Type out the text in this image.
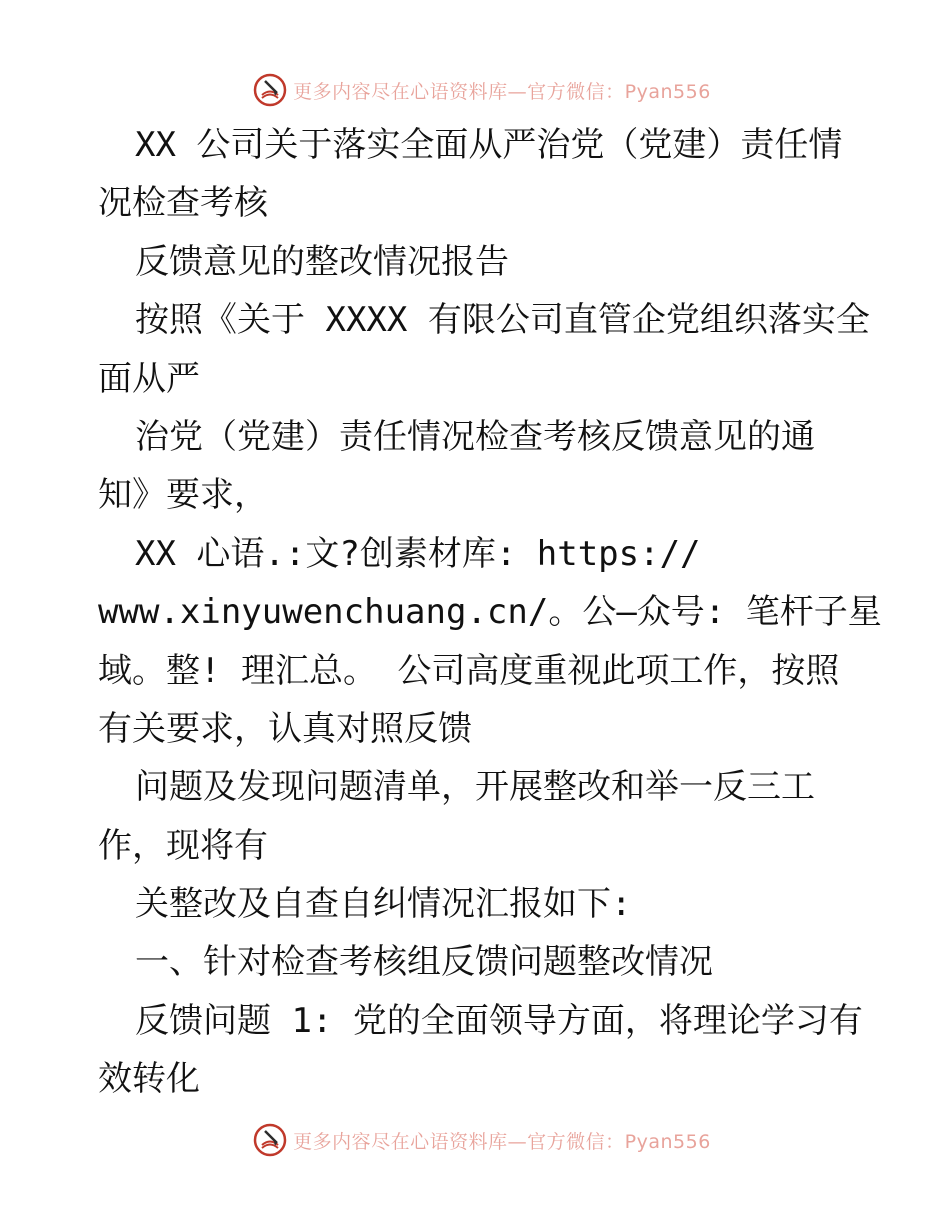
更多内容尽在心语资料库—官方微信：Pyan556
XX 公司关于落实全面从严治党（党建）责任情
况检查考核
反馈意见的整改情况报告
按照《关于 XXXX 有限公司直管企党组织落实全
面从严
治党（党建）责任情况检查考核反馈意见的通
知》要求，
XX 心语.:文?创素材库: https://
www.xinyuwenchuang.cn/。公—众号: 笔杆子星
域。整! 理汇总。 公司高度重视此项工作，按照
有关要求，认真对照反馈
问题及发现问题清单，开展整改和举一反三工
作，现将有
关整改及自查自纠情况汇报如下:
一、针对检查考核组反馈问题整改情况
反馈问题 1: 党的全面领导方面，将理论学习有
效转化
更多内容尽在心语资料库—官方微信：Pyan556
